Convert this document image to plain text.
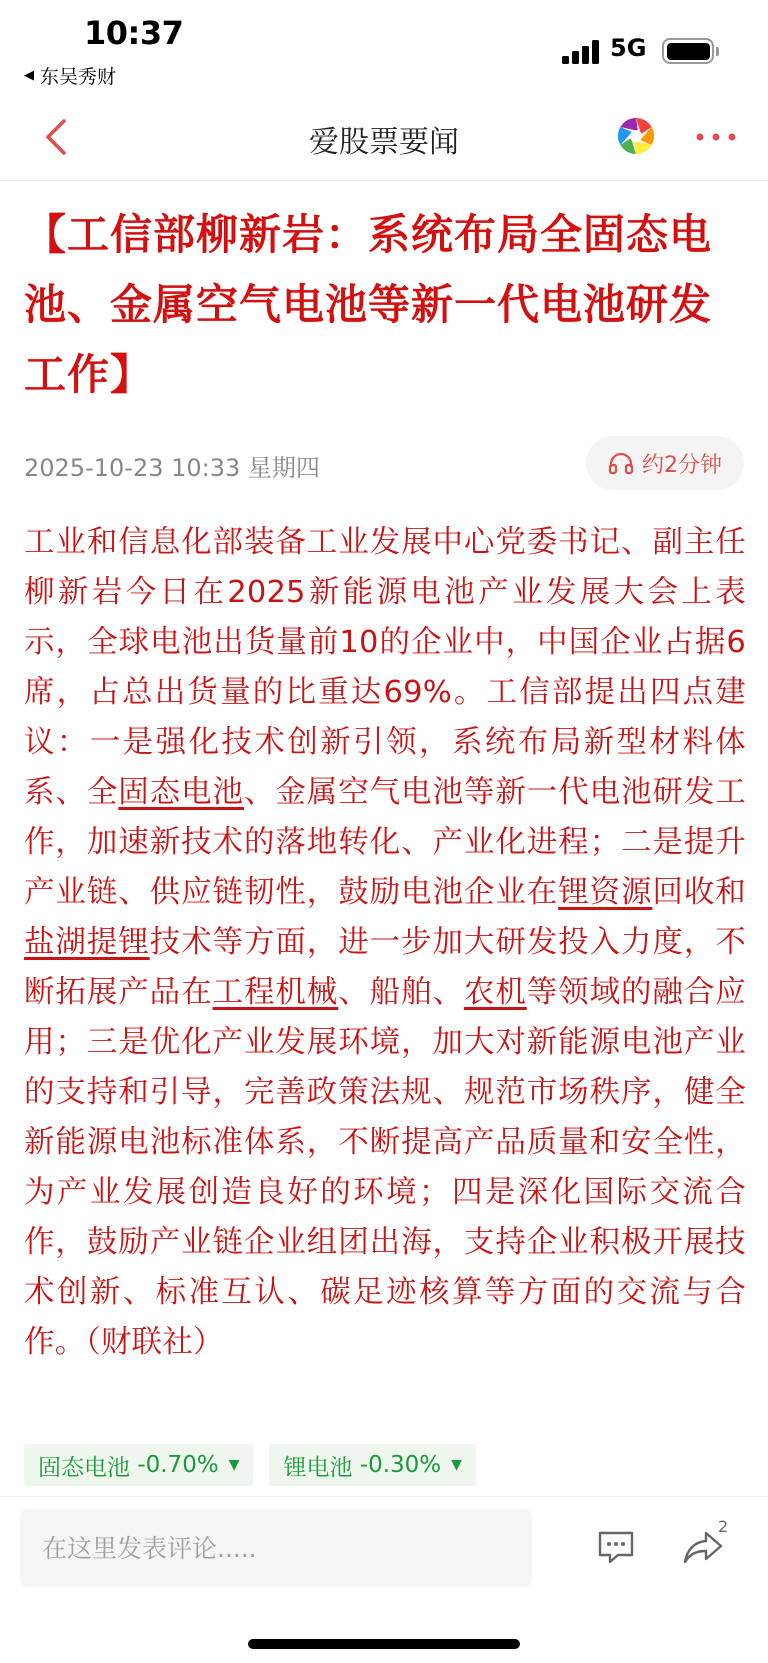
10:37
◀ 东吴秀财
5G
爱股票要闻
【工信部柳新岩：系统布局全固态电池、金属空气电池等新一代电池研发工作】
2025-10-23 10:33 星期四	约2分钟
工业和信息化部装备工业发展中心党委书记、副主任柳新岩今日在2025新能源电池产业发展大会上表示，全球电池出货量前10的企业中，中国企业占据6席，占总出货量的比重达69%。工信部提出四点建议：一是强化技术创新引领，系统布局新型材料体系、全固态电池、金属空气电池等新一代电池研发工作，加速新技术的落地转化、产业化进程；二是提升产业链、供应链韧性，鼓励电池企业在锂资源回收和盐湖提锂技术等方面，进一步加大研发投入力度，不断拓展产品在工程机械、船舶、农机等领域的融合应用；三是优化产业发展环境，加大对新能源电池产业的支持和引导，完善政策法规、规范市场秩序，健全新能源电池标准体系，不断提高产品质量和安全性，为产业发展创造良好的环境；四是深化国际交流合作，鼓励产业链企业组团出海，支持企业积极开展技术创新、标准互认、碳足迹核算等方面的交流与合作。（财联社）
固态电池
-0.70% ▼ 锂电池
-0.30% ▼
在这里发表评论.....
2
